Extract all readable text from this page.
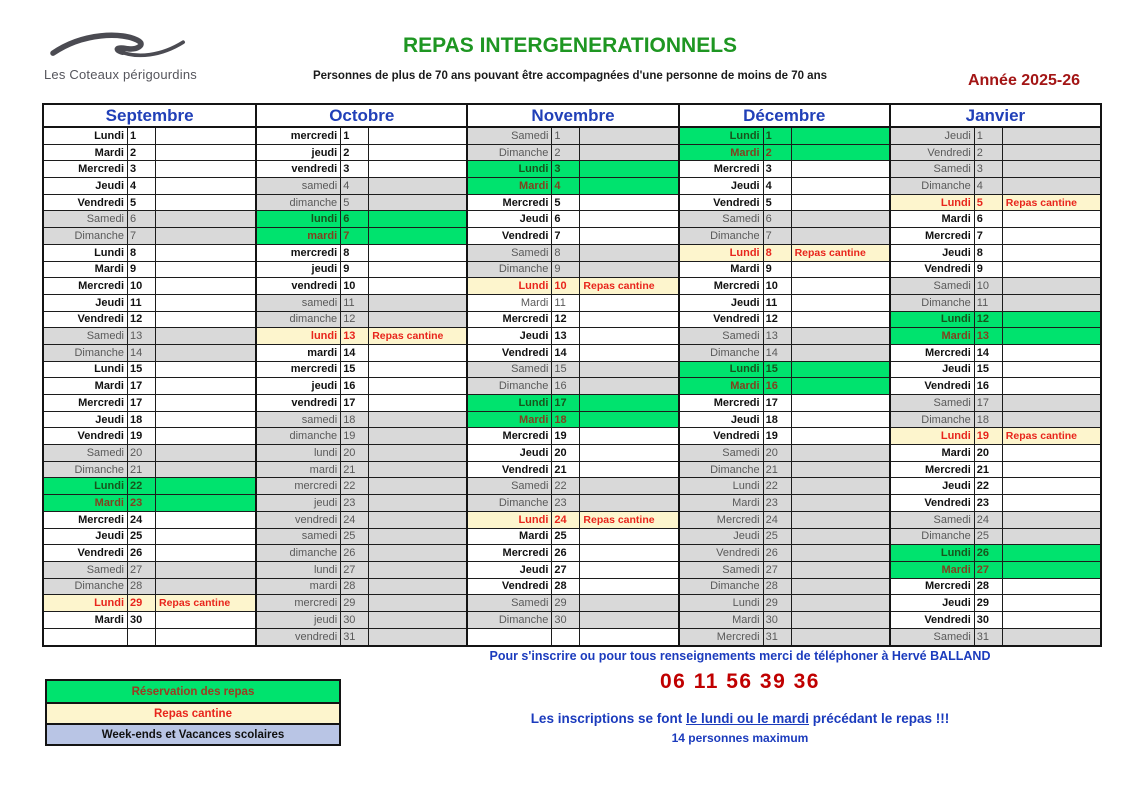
Les Coteaux périgourdins
REPAS INTERGENERATIONNELS
Personnes de plus de 70 ans pouvant être accompagnées d'une personne de moins de 70 ans	Année 2025-26
Septembre
Lundi 1
Mardi 2
Mercredi 3
Jeudi 4
Vendredi 5
Samedi 6
Dimanche 7
Lundi 8
Mardi 9
Mercredi 10
Jeudi 11
Vendredi 12
Samedi 13
Dimanche 14
Lundi 15
Mardi 17
Mercredi 17
Jeudi 18
Vendredi 19
Samedi 20
Dimanche 21
Lundi 22
Mardi 23
Mercredi 24
Jeudi 25
Vendredi 26
Samedi 27
Dimanche 28
Lundi 29	Repas cantine
Mardi 30
Octobre
mercredi 1
jeudi 2
vendredi 3
samedi 4
dimanche 5
lundi 6
mardi 7
mercredi 8
jeudi 9
vendredi 10
samedi 11
dimanche 12
lundi 13	Repas cantine
mardi 14
mercredi 15
jeudi 16
vendredi 17
samedi 18
dimanche 19
lundi 20
mardi 21
mercredi 22
jeudi 23
vendredi 24
samedi 25
dimanche 26
lundi 27
mardi 28
mercredi 29
jeudi 30
vendredi 31
Novembre
Samedi 1
Dimanche 2
Lundi 3
Mardi 4
Mercredi 5
Jeudi 6
Vendredi 7
Samedi 8
Dimanche 9
Lundi 10	Repas cantine
Mardi 11
Mercredi 12
Jeudi 13
Vendredi 14
Samedi 15
Dimanche 16
Lundi 17
Mardi 18
Mercredi 19
Jeudi 20
Vendredi 21
Samedi 22
Dimanche 23
Lundi 24	Repas cantine
Mardi 25
Mercredi 26
Jeudi 27
Vendredi 28
Samedi 29
Dimanche 30
Décembre
Lundi 1
Mardi 2
Mercredi 3
Jeudi 4
Vendredi 5
Samedi 6
Dimanche 7
Lundi 8	Repas cantine
Mardi 9
Mercredi 10
Jeudi 11
Vendredi 12
Samedi 13
Dimanche 14
Lundi 15
Mardi 16
Mercredi 17
Jeudi 18
Vendredi 19
Samedi 20
Dimanche 21
Lundi 22
Mardi 23
Mercredi 24
Jeudi 25
Vendredi 26
Samedi 27
Dimanche 28
Lundi 29
Mardi 30
Mercredi 31
Janvier
Jeudi 1
Vendredi 2
Samedi 3
Dimanche 4
Lundi 5	Repas cantine
Mardi 6
Mercredi 7
Jeudi 8
Vendredi 9
Samedi 10
Dimanche 11
Lundi 12
Mardi 13
Mercredi 14
Jeudi 15
Vendredi 16
Samedi 17
Dimanche 18
Lundi 19	Repas cantine
Mardi 20
Mercredi 21
Jeudi 22
Vendredi 23
Samedi 24
Dimanche 25
Lundi 26
Mardi 27
Mercredi 28
Jeudi 29
Vendredi 30
Samedi 31
Réservation des repas
Repas cantine
Week-ends et Vacances scolaires
Pour s'inscrire ou pour tous renseignements merci de téléphoner à Hervé BALLAND
06 11 56 39 36
Les inscriptions se font le lundi ou le mardi précédant le repas !!!
14 personnes maximum
